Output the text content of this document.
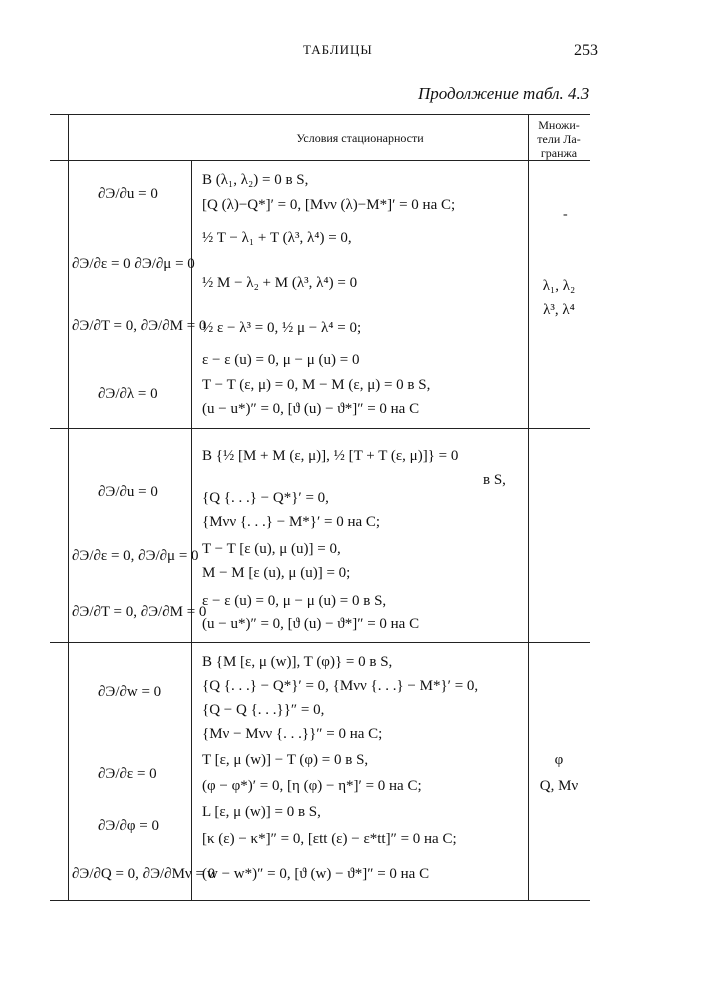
ТАБЛИЦЫ	253
Продолжение табл. 4.3
Условия стационарности
Множи-
тели Ла-
гранжа
∂Э/∂u = 0
∂Э/∂ε = 0 ∂Э/∂μ = 0
∂Э/∂T = 0, ∂Э/∂M = 0
∂Э/∂λ = 0
B (λ₁, λ₂) = 0 в S,
[Q (λ)−Q*]′ = 0, [Mνν (λ)−M*]′ = 0 на C;
½ T − λ₁ + T (λ³, λ⁴) = 0,
½ M − λ₂ + M (λ³, λ⁴) = 0
½ ε − λ³ = 0, ½ μ − λ⁴ = 0;
ε − ε (u) = 0, μ − μ (u) = 0
T − T (ε, μ) = 0, M − M (ε, μ) = 0 в S,
(u − u*)″ = 0, [ϑ (u) − ϑ*]″ = 0 на C
-
λ₁, λ₂
λ³, λ⁴
∂Э/∂u = 0
∂Э/∂ε = 0, ∂Э/∂μ = 0
∂Э/∂T = 0, ∂Э/∂M = 0
B {½ [M + M (ε, μ)], ½ [T + T (ε, μ)]} = 0
в S,
{Q {. . .} − Q*}′ = 0,
{Mνν {. . .} − M*}′ = 0 на C;
T − T [ε (u), μ (u)] = 0,
M − M [ε (u), μ (u)] = 0;
ε − ε (u) = 0, μ − μ (u) = 0 в S,
(u − u*)″ = 0, [ϑ (u) − ϑ*]″ = 0 на C
∂Э/∂w = 0
∂Э/∂ε = 0
∂Э/∂φ = 0
∂Э/∂Q = 0, ∂Э/∂Mν = 0
B {M [ε, μ (w)], T (φ)} = 0 в S,
{Q {. . .} − Q*}′ = 0, {Mνν {. . .} − M*}′ = 0,
{Q − Q {. . .}}″ = 0,
{Mν − Mνν {. . .}}″ = 0 на C;
T [ε, μ (w)] − T (φ) = 0 в S,
(φ − φ*)′ = 0, [η (φ) − η*]′ = 0 на C;
L [ε, μ (w)] = 0 в S,
[κ (ε) − κ*]″ = 0, [εtt (ε) − ε*tt]″ = 0 на C;
(w − w*)″ = 0, [ϑ (w) − ϑ*]″ = 0 на C
φ
Q, Mν
